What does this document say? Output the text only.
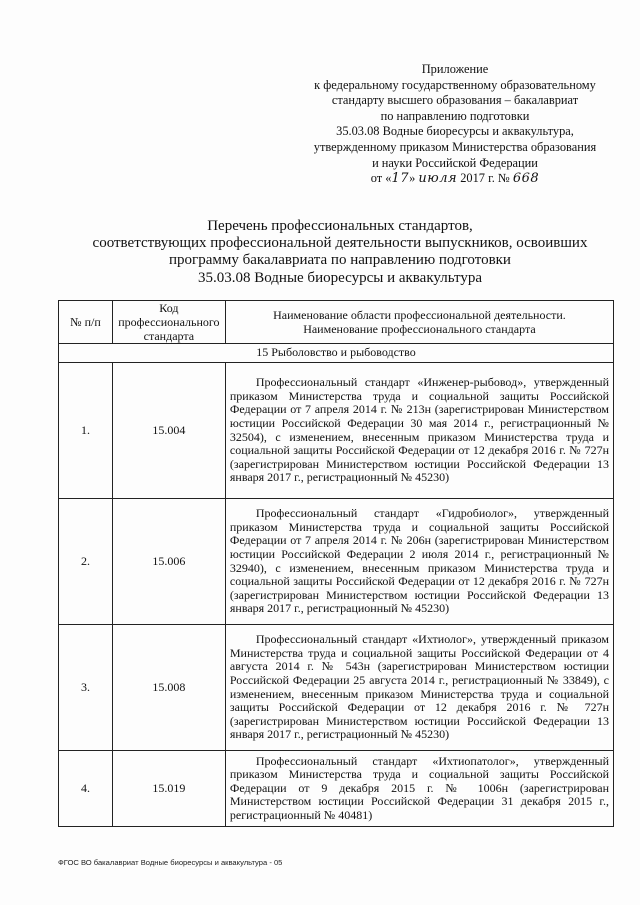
Приложение
к федеральному государственному образовательному
стандарту высшего образования – бакалавриат
по направлению подготовки
35.03.08 Водные биоресурсы и аквакультура,
утвержденному приказом Министерства образования
и науки Российской Федерации
от «17» июля 2017 г. № 668
Перечень профессиональных стандартов,
соответствующих профессиональной деятельности выпускников, освоивших
программу бакалавриата по направлению подготовки
35.03.08 Водные биоресурсы и аквакультура
№ п/п	Код профессионального стандарта	Наименование области профессиональной деятельности.
Наименование профессионального стандарта
15 Рыболовство и рыбоводство		
1.	15.004	Профессиональный стандарт «Инженер-рыбовод», утвержденный приказом Министерства труда и социальной защиты Российской Федерации от 7 апреля 2014 г. № 213н (зарегистрирован Министерством юстиции Российской Федерации 30 мая 2014 г., регистрационный № 32504), с изменением, внесенным приказом Министерства труда и социальной защиты Российской Федерации от 12 декабря 2016 г. № 727н (зарегистрирован Министерством юстиции Российской Федерации 13 января 2017 г., регистрационный № 45230)
2.	15.006	Профессиональный стандарт «Гидробиолог», утвержденный приказом Министерства труда и социальной защиты Российской Федерации от 7 апреля 2014 г. № 206н (зарегистрирован Министерством юстиции Российской Федерации 2 июля 2014 г., регистрационный № 32940), с изменением, внесенным приказом Министерства труда и социальной защиты Российской Федерации от 12 декабря 2016 г. № 727н (зарегистрирован Министерством юстиции Российской Федерации 13 января 2017 г., регистрационный № 45230)
3.	15.008	Профессиональный стандарт «Ихтиолог», утвержденный приказом Министерства труда и социальной защиты Российской Федерации от 4 августа 2014 г. № 543н (зарегистрирован Министерством юстиции Российской Федерации 25 августа 2014 г., регистрационный № 33849), с изменением, внесенным приказом Министерства труда и социальной защиты Российской Федерации от 12 декабря 2016 г. № 727н (зарегистрирован Министерством юстиции Российской Федерации 13 января 2017 г., регистрационный № 45230)
4.	15.019	Профессиональный стандарт «Ихтиопатолог», утвержденный приказом Министерства труда и социальной защиты Российской Федерации от 9 декабря 2015 г. № 1006н (зарегистрирован Министерством юстиции Российской Федерации 31 декабря 2015 г., регистрационный № 40481)
ФГОС ВО бакалавриат Водные биоресурсы и аквакультура - 05
